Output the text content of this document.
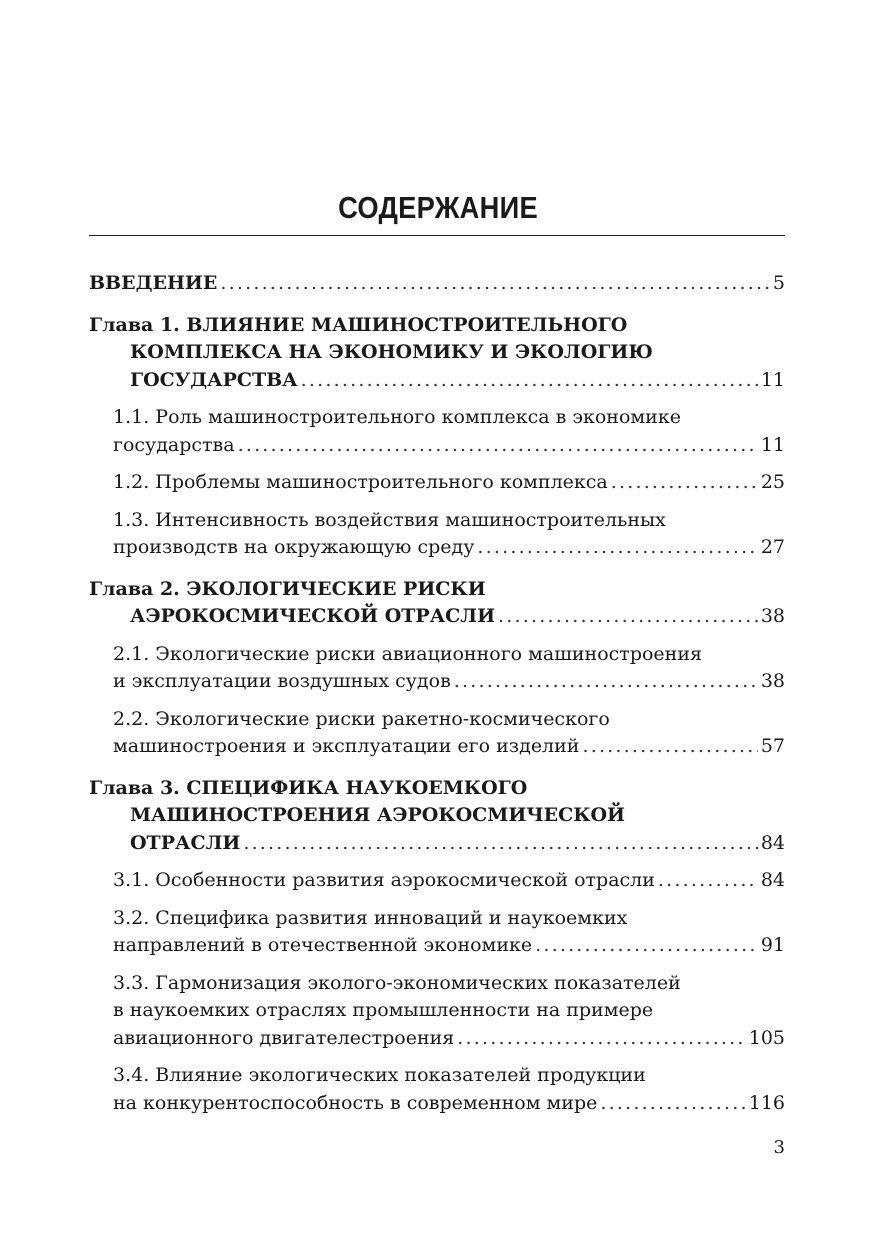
СОДЕРЖАНИЕ
ВВЕДЕНИЕ .....	5
Глава 1. ВЛИЯНИЕ МАШИНОСТРОИТЕЛЬНОГО
КОМПЛЕКСА НА ЭКОНОМИКУ И ЭКОЛОГИЮ
ГОСУДАРСТВА .....	11
1.1. Роль машиностроительного комплекса в экономике
государства .....	11
1.2. Проблемы машиностроительного комплекса .....	25
1.3. Интенсивность воздействия машиностроительных
производств на окружающую среду .....	27
Глава 2. ЭКОЛОГИЧЕСКИЕ РИСКИ
АЭРОКОСМИЧЕСКОЙ ОТРАСЛИ .....	38
2.1. Экологические риски авиационного машиностроения
и эксплуатации воздушных судов .....	38
2.2. Экологические риски ракетно-космического
машиностроения и эксплуатации его изделий .....	57
Глава 3. СПЕЦИФИКА НАУКОЕМКОГО
МАШИНОСТРОЕНИЯ АЭРОКОСМИЧЕСКОЙ
ОТРАСЛИ .....	84
3.1. Особенности развития аэрокосмической отрасли .....	84
3.2. Специфика развития инноваций и наукоемких
направлений в отечественной экономике .....	91
3.3. Гармонизация эколого-экономических показателей
в наукоемких отраслях промышленности на примере
авиационного двигателестроения .....	105
3.4. Влияние экологических показателей продукции
на конкурентоспособность в современном мире .....	116
3
